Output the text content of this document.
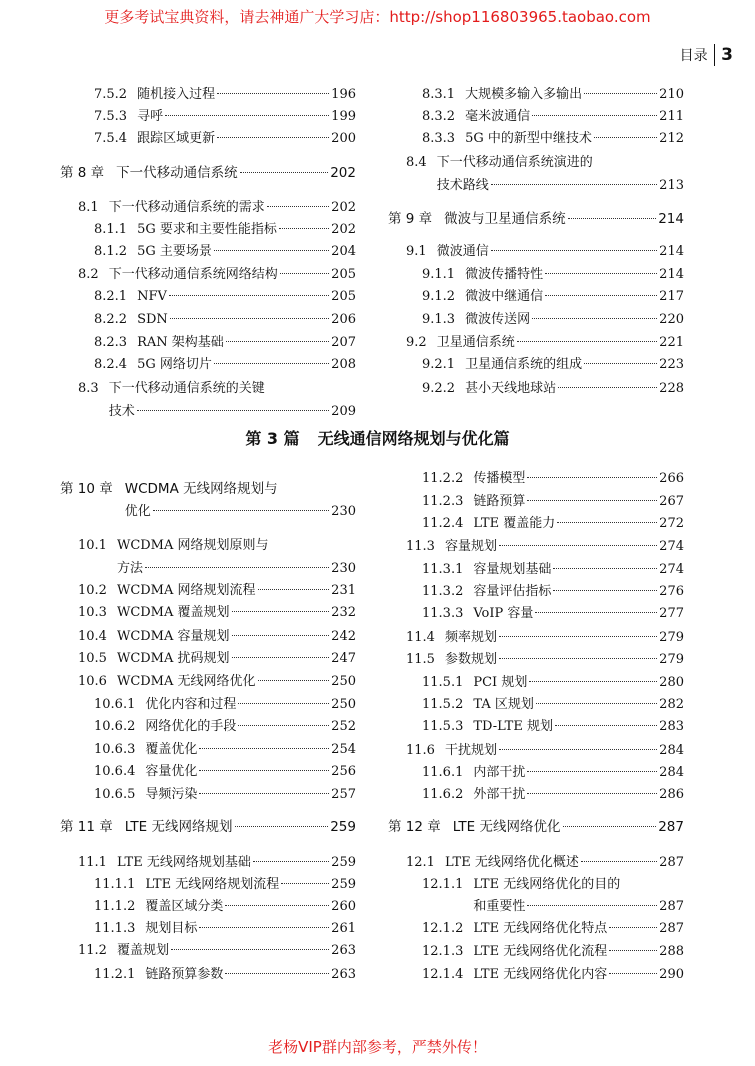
更多考试宝典资料，请去神通广大学习店：http://shop116803965.taobao.com
目录 3
7.5.2 随机接入过程	196
7.5.3 寻呼	199
7.5.4 跟踪区域更新	200
第 8 章 下一代移动通信系统	202
8.1 下一代移动通信系统的需求	202
8.1.1 5G 要求和主要性能指标	202
8.1.2 5G 主要场景	204
8.2 下一代移动通信系统网络结构	205
8.2.1 NFV	205
8.2.2 SDN	206
8.2.3 RAN 架构基础	207
8.2.4 5G 网络切片	208
8.3 下一代移动通信系统的关键
技术	209
8.3.1 大规模多输入多输出	210
8.3.2 毫米波通信	211
8.3.3 5G 中的新型中继技术	212
8.4 下一代移动通信系统演进的
技术路线	213
第 9 章 微波与卫星通信系统	214
9.1 微波通信	214
9.1.1 微波传播特性	214
9.1.2 微波中继通信	217
9.1.3 微波传送网	220
9.2 卫星通信系统	221
9.2.1 卫星通信系统的组成	223
9.2.2 甚小天线地球站	228
第 10 章 WCDMA 无线网络规划与
优化	230
10.1 WCDMA 网络规划原则与
方法	230
10.2 WCDMA 网络规划流程	231
10.3 WCDMA 覆盖规划	232
10.4 WCDMA 容量规划	242
10.5 WCDMA 扰码规划	247
10.6 WCDMA 无线网络优化	250
10.6.1 优化内容和过程	250
10.6.2 网络优化的手段	252
10.6.3 覆盖优化	254
10.6.4 容量优化	256
10.6.5 导频污染	257
第 11 章 LTE 无线网络规划	259
11.1 LTE 无线网络规划基础	259
11.1.1 LTE 无线网络规划流程	259
11.1.2 覆盖区域分类	260
11.1.3 规划目标	261
11.2 覆盖规划	263
11.2.1 链路预算参数	263
11.2.2 传播模型	266
11.2.3 链路预算	267
11.2.4 LTE 覆盖能力	272
11.3 容量规划	274
11.3.1 容量规划基础	274
11.3.2 容量评估指标	276
11.3.3 VoIP 容量	277
11.4 频率规划	279
11.5 参数规划	279
11.5.1 PCI 规划	280
11.5.2 TA 区规划	282
11.5.3 TD-LTE 规划	283
11.6 干扰规划	284
11.6.1 内部干扰	284
11.6.2 外部干扰	286
第 12 章 LTE 无线网络优化	287
12.1 LTE 无线网络优化概述	287
12.1.1 LTE 无线网络优化的目的
和重要性	287
12.1.2 LTE 无线网络优化特点	287
12.1.3 LTE 无线网络优化流程	288
12.1.4 LTE 无线网络优化内容	290
第 3 篇 无线通信网络规划与优化篇
老杨VIP群内部参考，严禁外传！
